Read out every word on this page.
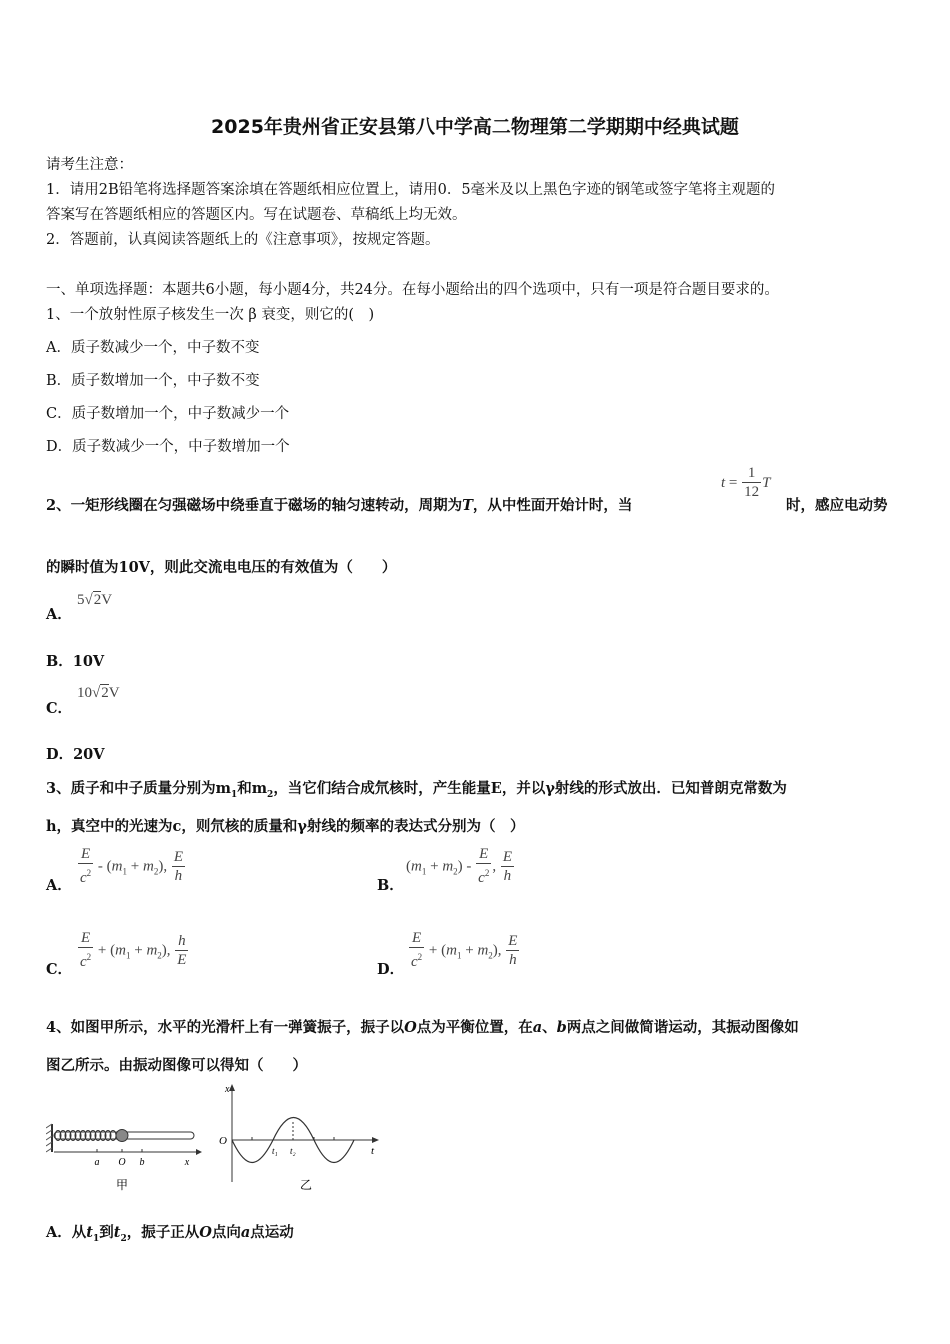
2025年贵州省正安县第八中学高二物理第二学期期中经典试题
请考生注意：
1．请用2B铅笔将选择题答案涂填在答题纸相应位置上，请用0．5毫米及以上黑色字迹的钢笔或签字笔将主观题的
答案写在答题纸相应的答题区内。写在试题卷、草稿纸上均无效。
2．答题前，认真阅读答题纸上的《注意事项》，按规定答题。
一、单项选择题：本题共6小题，每小题4分，共24分。在每小题给出的四个选项中，只有一项是符合题目要求的。
1、一个放射性原子核发生一次 β 衰变，则它的(　)
A．质子数减少一个，中子数不变
B．质子数增加一个，中子数不变
C．质子数增加一个，中子数减少一个
D．质子数减少一个，中子数增加一个
2、一矩形线圈在匀强磁场中绕垂直于磁场的轴匀速转动，周期为T，从中性面开始计时，当
$t = \frac{1}{12}$ T
时，感应电动势
的瞬时值为10V，则此交流电电压的有效值为（　　）
A．
5√2V
B．10V
C．
10√2V
D．20V
3、质子和中子质量分别为$m_1$和$m_2$，当它们结合成氘核时，产生能量E，并以γ射线的形式放出．已知普朗克常数为
h，真空中的光速为c，则氘核的质量和γ射线的频率的表达式分别为（　）
A． $\frac{E}{c^2} - (m_1 + m_2)$, $\frac{E}{h}$	B．
$(m_1 + m_2) - \frac{E}{c^2}$ , $\frac{E}{h}$
C． $\frac{E}{c^2} + (m_1 + m_2)$, $\frac{h}{E}$	D． $\frac{E}{c^2} + (m_1 + m_2)$, $\frac{E}{h}$
4、如图甲所示，水平的光滑杆上有一弹簧振子，振子以O点为平衡位置，在a、b两点之间做简谐运动，其振动图像如
图乙所示。由振动图像可以得知（　　）
a O b	x
甲
x
O
t
t₁ t₂
乙
A．从$t_1$到$t_2$，振子正从O点向a点运动
